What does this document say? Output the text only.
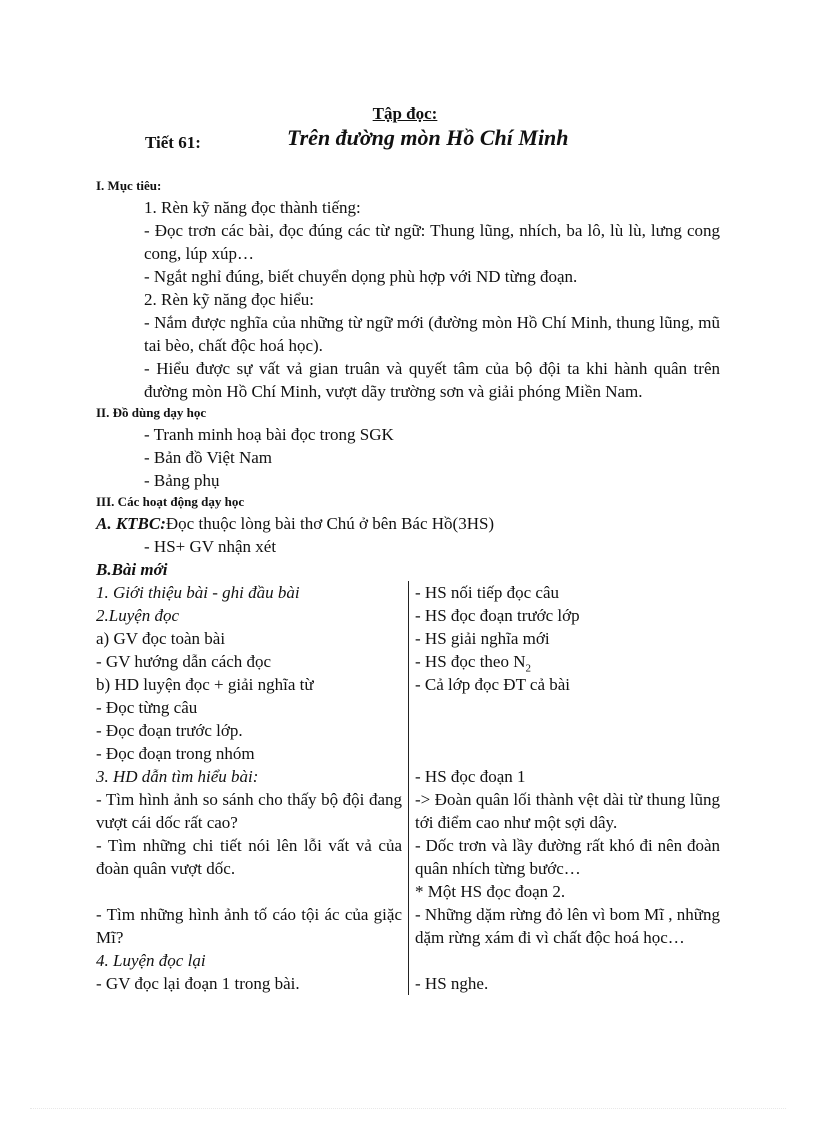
Tập đọc:
Tiết 61:	Trên đường mòn Hồ Chí Minh
I. Mục tiêu:
1. Rèn kỹ năng đọc thành tiếng:
- Đọc trơn các bài, đọc đúng các từ ngữ: Thung lũng, nhích, ba lô, lù lù, lưng cong cong, lúp xúp…
- Ngắt nghỉ đúng, biết chuyển dọng phù hợp với ND từng đoạn.
2. Rèn kỹ năng đọc hiểu:
- Nắm được nghĩa của những từ ngữ mới (đường mòn Hồ Chí Minh, thung lũng, mũ tai bèo, chất độc hoá học).
- Hiểu được sự vất vả gian truân và quyết tâm của bộ đội ta khi hành quân trên đường mòn Hồ Chí Minh, vượt dãy trường sơn và giải phóng Miền Nam.
II. Đồ dùng dạy học
- Tranh minh hoạ bài đọc trong SGK
- Bản đồ Việt Nam
- Bảng phụ
III. Các hoạt động dạy học
A. KTBC:Đọc thuộc lòng bài thơ Chú ở bên Bác Hồ(3HS)
- HS+ GV nhận xét
B.Bài mới
1. Giới thiệu bài - ghi đầu bài	- HS nối tiếp đọc câu
2.Luyện đọc	- HS đọc đoạn trước lớp
a) GV đọc toàn bài	- HS giải nghĩa mới
- GV hướng dẫn cách đọc	- HS đọc theo $N_2$
b) HD luyện đọc + giải nghĩa từ	- Cả lớp đọc ĐT cả bài
- Đọc từng câu	
- Đọc đoạn trước lớp.	
- Đọc đoạn trong nhóm	
3. HD dẫn tìm hiểu bài:	- HS đọc đoạn 1
- Tìm hình ảnh so sánh cho thấy bộ đội đang vượt cái dốc rất cao?	-> Đoàn quân lối thành vệt dài từ thung lũng tới điểm cao như một sợi dây.
- Tìm những chi tiết nói lên lỗi vất vả của đoàn quân vượt dốc.	- Dốc trơn và lầy đường rất khó đi nên đoàn quân nhích từng bước…
	* Một HS đọc đoạn 2.
- Tìm những hình ảnh tố cáo tội ác của giặc Mĩ?	- Những dặm rừng đỏ lên vì bom Mĩ , những dặm rừng xám đi vì chất độc hoá học…
4. Luyện đọc lại	
- GV đọc lại đoạn 1 trong bài.	- HS nghe.
